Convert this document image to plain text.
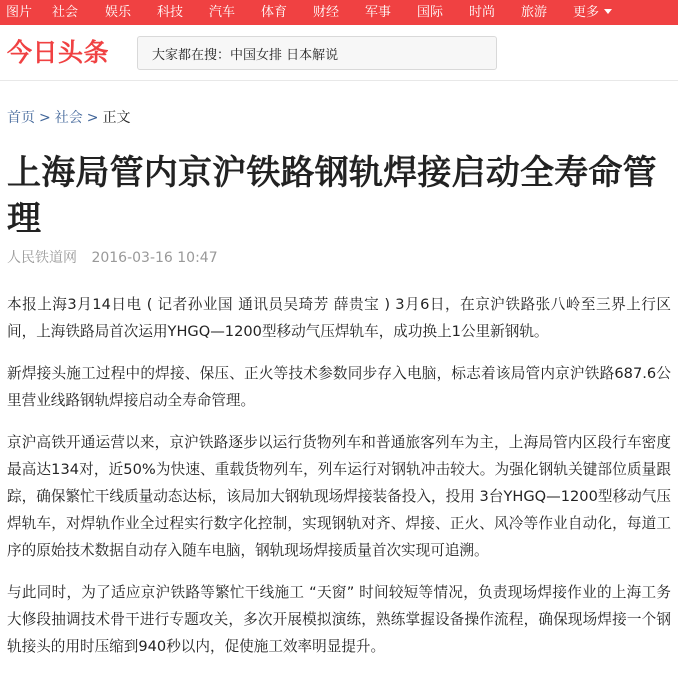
图片 社会 娱乐 科技 汽车 体育 财经 军事 国际 时尚 旅游 更多
今日头条	大家都在搜：中国女排 日本解说
首页 > 社会 > 正文
上海局管内京沪铁路钢轨焊接启动全寿命管理
人民铁道网 2016-03-16 10:47

本报上海3月14日电 ( 记者孙业国 通讯员吴琦芳 薛贵宝 ) 3月6日，在京沪铁路张八岭至三界上行区间，上海铁路局首次运用YHGQ—1200型移动气压焊轨车，成功换上1公里新钢轨。

新焊接头施工过程中的焊接、保压、正火等技术参数同步存入电脑，标志着该局管内京沪铁路687.6公里营业线路钢轨焊接启动全寿命管理。

京沪高铁开通运营以来，京沪铁路逐步以运行货物列车和普通旅客列车为主，上海局管内区段行车密度最高达134对，近50%为快速、重载货物列车，列车运行对钢轨冲击较大。为强化钢轨关键部位质量跟踪，确保繁忙干线质量动态达标，该局加大钢轨现场焊接装备投入，投用 3台YHGQ—1200型移动气压焊轨车，对焊轨作业全过程实行数字化控制，实现钢轨对齐、焊接、正火、风冷等作业自动化，每道工序的原始技术数据自动存入随车电脑，钢轨现场焊接质量首次实现可追溯。

与此同时，为了适应京沪铁路等繁忙干线施工 “天窗” 时间较短等情况，负责现场焊接作业的上海工务大修段抽调技术骨干进行专题攻关，多次开展模拟演练，熟练掌握设备操作流程，确保现场焊接一个钢轨接头的用时压缩到940秒以内，促使施工效率明显提升。
